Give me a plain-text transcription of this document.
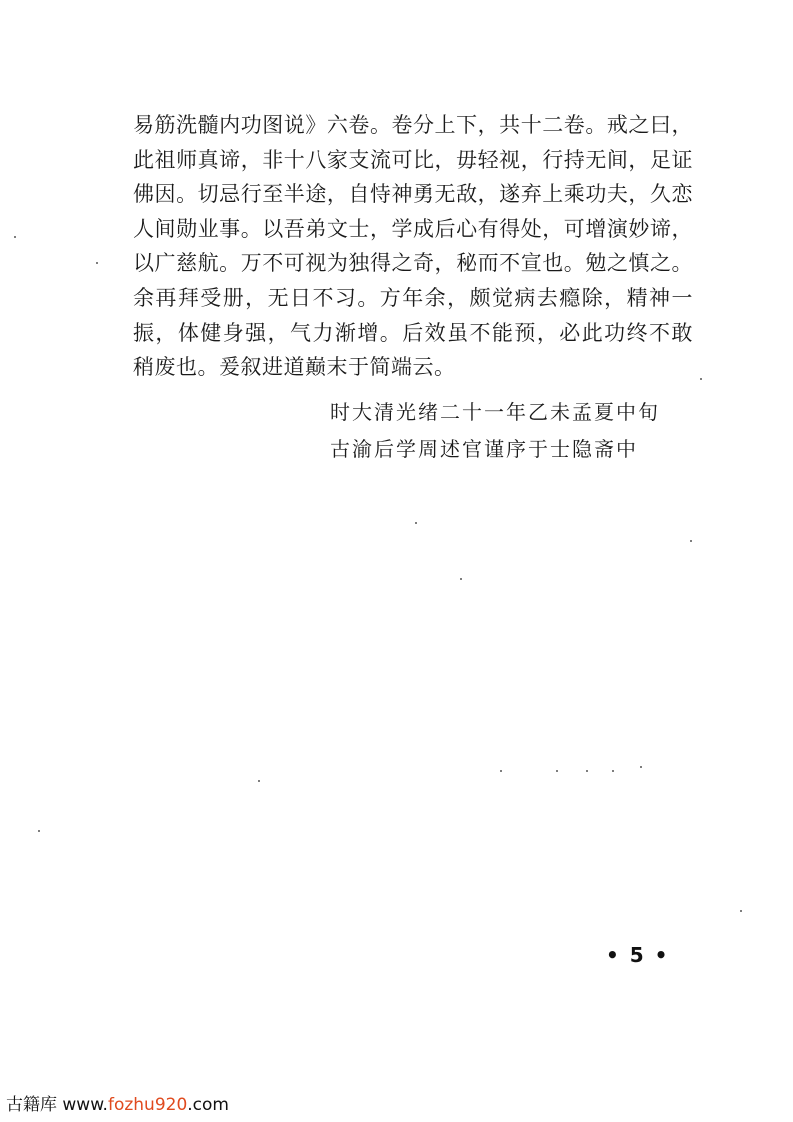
易筋洗髓内功图说》六卷。卷分上下，共十二卷。戒之曰，
此祖师真谛，非十八家支流可比，毋轻视，行持无间，足证
佛因。切忌行至半途，自恃神勇无敌，遂弃上乘功夫，久恋
人间勋业事。以吾弟文士，学成后心有得处，可增演妙谛，
以广慈航。万不可视为独得之奇，秘而不宣也。勉之慎之。
余再拜受册，无日不习。方年余，颇觉病去瘾除，精神一
振，体健身强，气力渐增。后效虽不能预，必此功终不敢
稍废也。爰叙进道巅末于简端云。
时大清光绪二十一年乙未孟夏中旬
古渝后学周述官谨序于士隐斋中
• 5 •
古籍库 www.fozhu920.com
